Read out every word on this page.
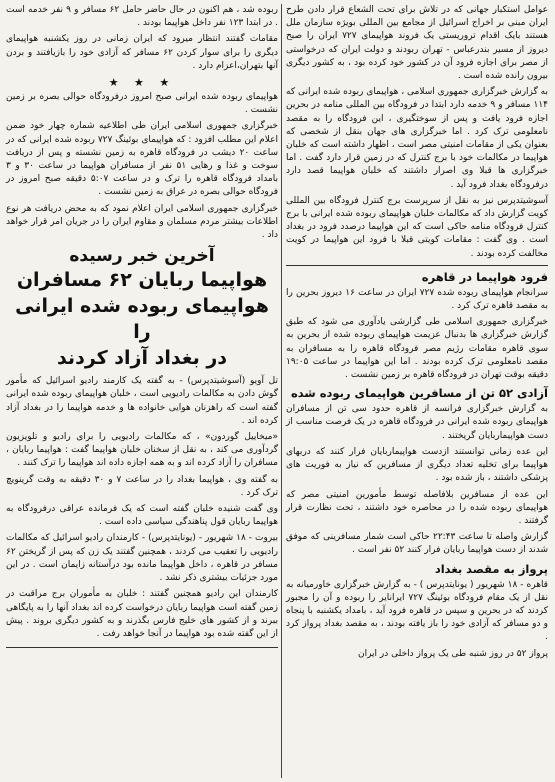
عوامل استکبار جهانی که در تلاش برای تحت الشعاع قرار دادن طرح ایران مبنی بر اخراج اسرائیل از مجامع بین المللی بویژه سازمان ملل هستند بایک اقدام تروریستی یک فروند هواپیمای ۷۲۷ ایران را صبح دیروز از مسیر بندرعباس - تهران ربودند و دولت ایران که درخواستی از مصر برای اجازه فرود آن در کشور خود کرده بود ، به کشور دیگری بیرون رانده شده است .

به گزارش خبرگزاری جمهوری اسلامی ، هواپیمای ربوده شده ایرانی که ۱۱۴ مسافر و ۹ خدمه دارد ابتدا در فرودگاه بین المللی منامه در بحرین اجازه فرود یافت و پس از سوختگیری ، این فرودگاه را به مقصد نامعلومی ترک کرد . اما خبرگزاری های جهان بنقل از شخصی که بعنوان یکی از مقامات امنیتی مصر است ، اظهار داشته است که خلبان هواپیما در مکالمات خود با برج کنترل که در زمین قرار دارد گفت . اما خبرگزاری ها قبلا وی اصرار داشتند که خلبان هواپیما قصد دارد درفرودگاه بغداد فرود آید .

آسوشیتدپرس نیز به نقل از سرپرست برج کنترل فرودگاه بین المللی کویت گزارش داد که مکالمات خلبان هواپیمای ربوده شده ایرانی با برج کنترل فرودگاه منامه حاکی است که این هواپیما درصدد فرود در بغداد است . وی گفت : مقامات کویتی قبلا با فرود این هواپیما در کویت مخالفت کرده بودند .

فرود هواپیما در قاهره

سرانجام هواپیمای ربوده شده ۷۲۷ ایران در ساعت ۱۶ دیروز بحرین را به مقصد قاهره ترک کرد .

خبرگزاری جمهوری اسلامی طی گزارشی یادآوری می شود که طبق گزارش خبرگزاری ها بدنبال عزیمت هواپیمای ربوده شده از بحرین به سوی قاهره مقامات رژیم مصر فرودگاه قاهره را به مسافران به مقصد نامعلومی ترک کرده بودند . اما این هواپیما در ساعت ۱۹:۰۵ دقیقه بوقت تهران در فرودگاه قاهره بر زمین نشست .

آزادی ۵۲ تن از مسافرین هواپیمای ربوده شده

به گزارش خبرگزاری فرانسه از قاهره حدود سی تن از مسافران هواپیمای ربوده شده ایرانی در فرودگاه قاهره در یک فرصت مناسب از دست هواپیماربایان گریختند .

این عده زمانی توانستند ازدست هواپیماربایان فرار کنند که دربهای هواپیما برای تخلیه تعداد دیگری از مسافرین که نیاز به فوریت های پزشکی داشتند ، باز شده بود .

این عده از مسافرین بلافاصله توسط مأمورین امنیتی مصر که هواپیمای ربوده شده را در محاصره خود داشتند ، تحت نظارت قرار گرفتند .

گزارش واصله تا ساعت ۲۲:۴۳ حاکی است شمار مسافرینی که موفق شدند از دست هواپیما ربایان فرار کنند ۵۲ نفر است .

پرواز به مقصد بغداد

قاهره - ۱۸ شهریور ( یونایتدپرس ) - به گزارش خبرگزاری خاورمیانه به نقل از یک مقام فرودگاه بوئینگ ۷۲۷ ایرانایر را ربوده و آن را مجبور کردند که در بحرین و سپس در قاهره فرود آید ، بامداد یکشنبه با پنجاه و دو مسافر که آزادی خود را باز یافته بودند ، به مقصد بغداد پرواز کرد .

پرواز ۵۲ در روز شنبه طی یک پرواز داخلی در ایران

ربوده شد ، هم اکنون در حال حاضر حامل ۶۲ مسافر و ۹ نفر خدمه است . در ابتدا ۱۲۳ نفر داخل هواپیما بودند .

مقامات گفتند انتظار میرود که ایران زمانی در روز یکشنبه هواپیمای دیگری را برای سوار کردن ۶۲ مسافر که آزادی خود را بازیافتند و بردن آنها بتهران،اعزام دارد .

★ ★ ★

هواپیمای ربوده شده ایرانی صبح امروز درفرودگاه حوالی بصره بر زمین نشست .

خبرگزاری جمهوری اسلامی ایران طی اطلاعیه شماره چهار خود ضمن اعلام این مطلب افزود : که هواپیمای بوئینگ ۷۲۷ ربوده شده ایرانی که در ساعت ۲۰ دیشب در فرودگاه قاهره به زمین نشسته و پس از دریافت سوخت و غذا و رهایی ۵۱ نفر از مسافران هواپیما در ساعت ۳۰ و ۳ بامداد فرودگاه قاهره را ترک و در ساعت ۵:۰۷ دقیقه صبح امروز در فرودگاه حوالی بصره در عراق به زمین نشست .

خبرگزاری جمهوری اسلامی ایران اعلام نمود که به محض دریافت هر نوع اطلاعات بیشتر مردم مسلمان و مقاوم ایران را در جریان امر قرار خواهد داد .

آخرین خبر رسیده
هواپیما ربایان ۶۲ مسافران
هواپیمای ربوده شده ایرانی را
در بغداد آزاد کردند

تل آویو (آسوشیتدپرس) - به گفته یک کارمند رادیو اسرائیل که مأمور گوش دادن به مکالمات رادیویی است ، خلبان هواپیمای ربوده شده ایرانی گفته است که راهزنان هوایی خانواده ها و خدمه هواپیما را در بغداد آزاد کرده اند .

«میخاییل گوردون» ، که مکالمات رادیویی را برای رادیو و تلویزیون گردآوری می کند ، به نقل از سخنان خلبان هواپیما گفت : هواپیما ربایان ، مسافران را آزاد کرده اند و به همه اجازه داده اند هواپیما را ترک کنند .

به گفته وی ، هواپیما بغداد را در ساعت ۷ و ۳۰ دقیقه به وقت گرینویچ ترک کرد .

وی گفت شنیده خلبان گفته است که یک فرمانده عراقی درفرودگاه به هواپیما ربایان قول پناهندگی سیاسی داده است .

بیروت - ۱۸ شهریور - (یونایتدپرس) - کارمندان رادیو اسرائیل که مکالمات رادیویی را تعقیب می کردند ، همچنین گفتند یک زن که پس از گریختن ۶۲ مسافر در قاهره ، داخل هواپیما مانده بود درآستانه زایمان است . در این مورد جزئیات بیشتری ذکر نشد .

کارمندان این رادیو همچنین گفتند : خلبان به مأموران برج مراقبت در زمین گفته است هواپیما ربایان درخواست کرده اند بغداد آنها را به پایگاهی ببرند و از کشور های خلیج فارس بگذرند و به کشور دیگری بروند . پیش از این گفته شده بود هواپیما در آنجا خواهد رفت .
